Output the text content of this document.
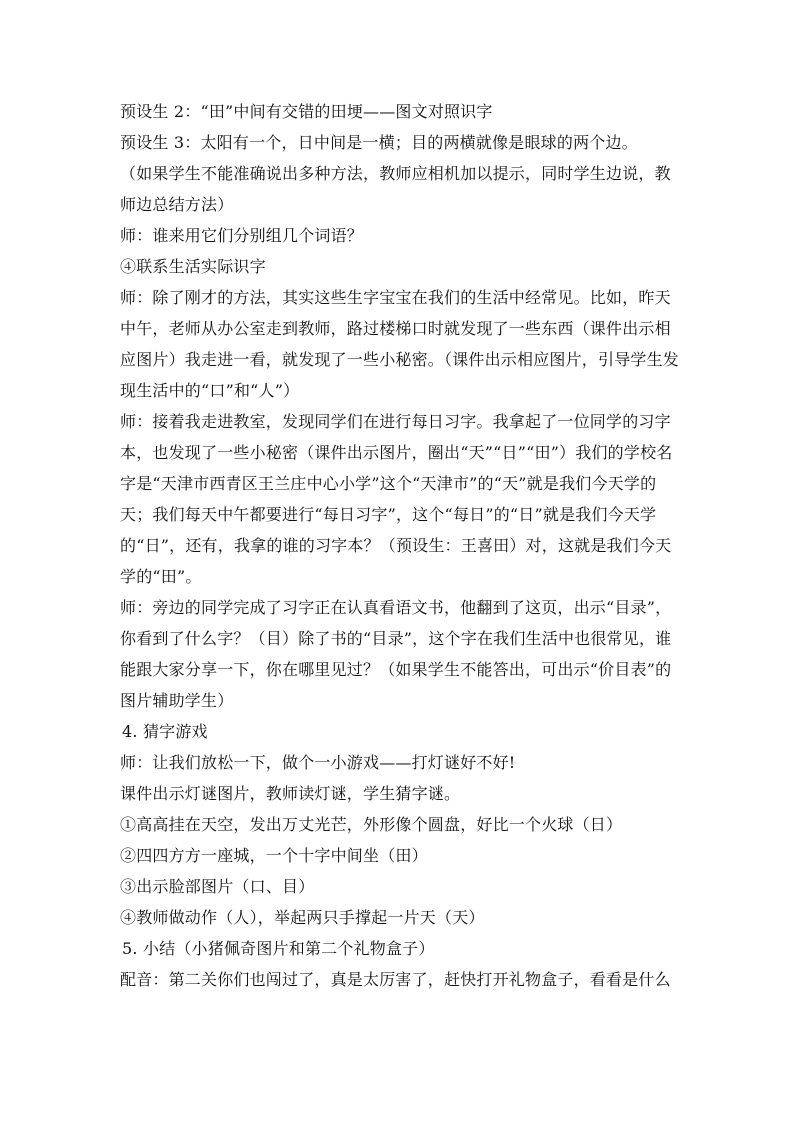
预设生 2：“田”中间有交错的田埂——图文对照识字

预设生 3：太阳有一个，日中间是一横；目的两横就像是眼球的两个边。

（如果学生不能准确说出多种方法，教师应相机加以提示，同时学生边说，教师边总结方法）

师：谁来用它们分别组几个词语？

④联系生活实际识字

师：除了刚才的方法，其实这些生字宝宝在我们的生活中经常见。比如，昨天中午，老师从办公室走到教师，路过楼梯口时就发现了一些东西（课件出示相应图片）我走进一看，就发现了一些小秘密。（课件出示相应图片，引导学生发现生活中的“口”和“人”）

师：接着我走进教室，发现同学们在进行每日习字。我拿起了一位同学的习字本，也发现了一些小秘密（课件出示图片，圈出“天”“日”“田”）我们的学校名字是“天津市西青区王兰庄中心小学”这个“天津市”的“天”就是我们今天学的天；我们每天中午都要进行“每日习字”，这个“每日”的“日”就是我们今天学的“日”，还有，我拿的谁的习字本？（预设生：王喜田）对，这就是我们今天学的“田”。

师：旁边的同学完成了习字正在认真看语文书，他翻到了这页，出示“目录”，你看到了什么字？（目）除了书的“目录”，这个字在我们生活中也很常见，谁能跟大家分享一下，你在哪里见过？（如果学生不能答出，可出示“价目表”的图片辅助学生）

4. 猜字游戏

师：让我们放松一下，做个一小游戏——打灯谜好不好!

课件出示灯谜图片，教师读灯谜，学生猜字谜。

①高高挂在天空，发出万丈光芒，外形像个圆盘，好比一个火球（日）

②四四方方一座城，一个十字中间坐（田）

③出示脸部图片（口、目）

④教师做动作（人），举起两只手撑起一片天（天）

5. 小结（小猪佩奇图片和第二个礼物盒子）

配音：第二关你们也闯过了，真是太厉害了，赶快打开礼物盒子，看看是什么
